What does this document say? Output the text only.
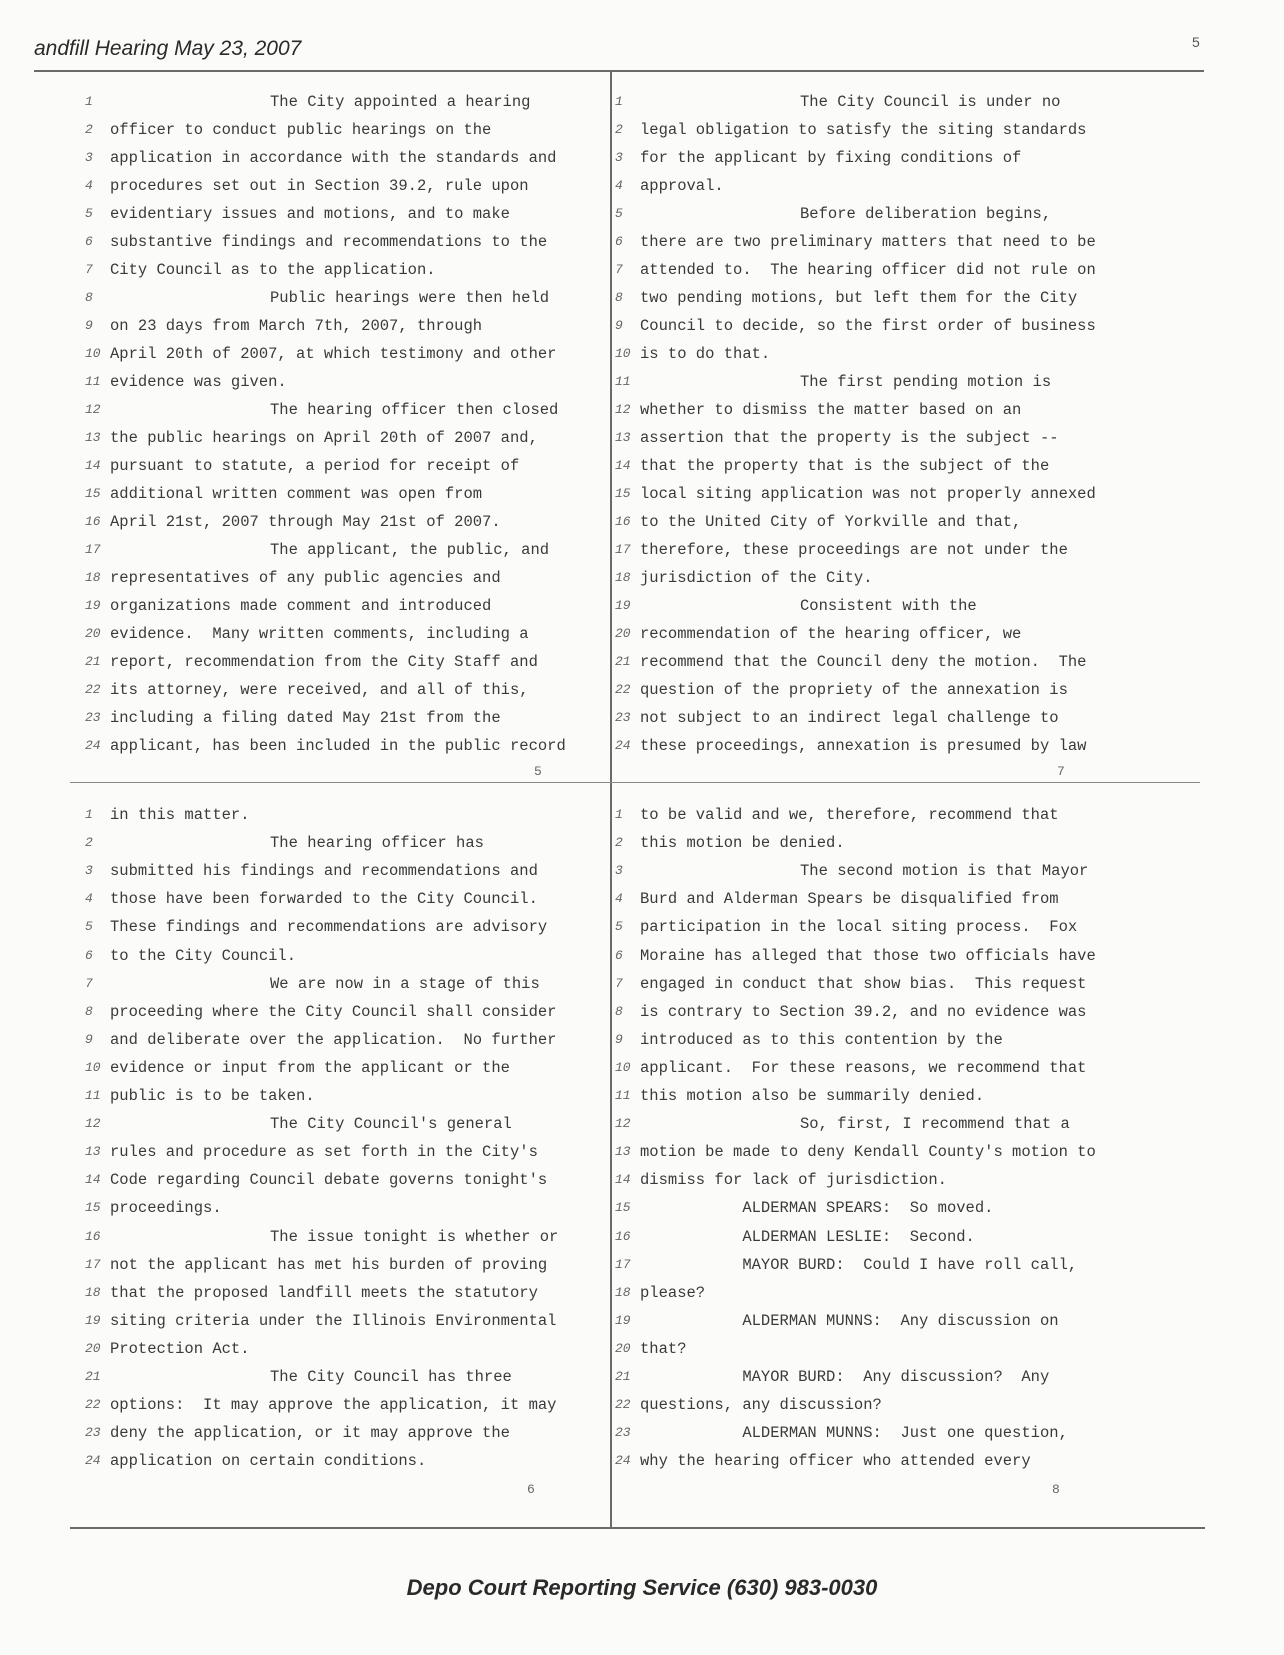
andfill Hearing May 23, 2007	5
1	The City appointed a hearing
2	officer to conduct public hearings on the
3	application in accordance with the standards and
4	procedures set out in Section 39.2, rule upon
5	evidentiary issues and motions, and to make
6	substantive findings and recommendations to the
7	City Council as to the application.
8	Public hearings were then held
9	on 23 days from March 7th, 2007, through
10 April 20th of 2007, at which testimony and other
11 evidence was given.
12	The hearing officer then closed
13 the public hearings on April 20th of 2007 and,
14 pursuant to statute, a period for receipt of
15 additional written comment was open from
16 April 21st, 2007 through May 21st of 2007.
17	The applicant, the public, and
18 representatives of any public agencies and
19 organizations made comment and introduced
20 evidence.  Many written comments, including a
21 report, recommendation from the City Staff and
22 its attorney, were received, and all of this,
23 including a filing dated May 21st from the
24 applicant, has been included in the public record
1	The City Council is under no
2	legal obligation to satisfy the siting standards
3	for the applicant by fixing conditions of
4	approval.
5	Before deliberation begins,
6	there are two preliminary matters that need to be
7	attended to.  The hearing officer did not rule on
8	two pending motions, but left them for the City
9	Council to decide, so the first order of business
10 is to do that.
11	The first pending motion is
12 whether to dismiss the matter based on an
13 assertion that the property is the subject --
14 that the property that is the subject of the
15 local siting application was not properly annexed
16 to the United City of Yorkville and that,
17 therefore, these proceedings are not under the
18 jurisdiction of the City.
19	Consistent with the
20 recommendation of the hearing officer, we
21 recommend that the Council deny the motion.  The
22 question of the propriety of the annexation is
23 not subject to an indirect legal challenge to
24 these proceedings, annexation is presumed by law
1	in this matter.
2	The hearing officer has
3	submitted his findings and recommendations and
4	those have been forwarded to the City Council.
5	These findings and recommendations are advisory
6	to the City Council.
7	We are now in a stage of this
8	proceeding where the City Council shall consider
9	and deliberate over the application.  No further
10 evidence or input from the applicant or the
11 public is to be taken.
12	The City Council's general
13 rules and procedure as set forth in the City's
14 Code regarding Council debate governs tonight's
15 proceedings.
16	The issue tonight is whether or
17 not the applicant has met his burden of proving
18 that the proposed landfill meets the statutory
19 siting criteria under the Illinois Environmental
20 Protection Act.
21	The City Council has three
22 options:  It may approve the application, it may
23 deny the application, or it may approve the
24 application on certain conditions.
1	to be valid and we, therefore, recommend that
2	this motion be denied.
3	The second motion is that Mayor
4	Burd and Alderman Spears be disqualified from
5	participation in the local siting process.  Fox
6	Moraine has alleged that those two officials have
7	engaged in conduct that show bias.  This request
8	is contrary to Section 39.2, and no evidence was
9	introduced as to this contention by the
10 applicant.  For these reasons, we recommend that
11 this motion also be summarily denied.
12	So, first, I recommend that a
13 motion be made to deny Kendall County's motion to
14 dismiss for lack of jurisdiction.
15 ALDERMAN SPEARS:  So moved.
16 ALDERMAN LESLIE:  Second.
17 MAYOR BURD:  Could I have roll call,
18 please?
19 ALDERMAN MUNNS:  Any discussion on
20 that?
21 MAYOR BURD:  Any discussion?  Any
22 questions, any discussion?
23 ALDERMAN MUNNS:  Just one question,
24 why the hearing officer who attended every
5	7
6	8
Depo Court Reporting Service (630) 983-0030
